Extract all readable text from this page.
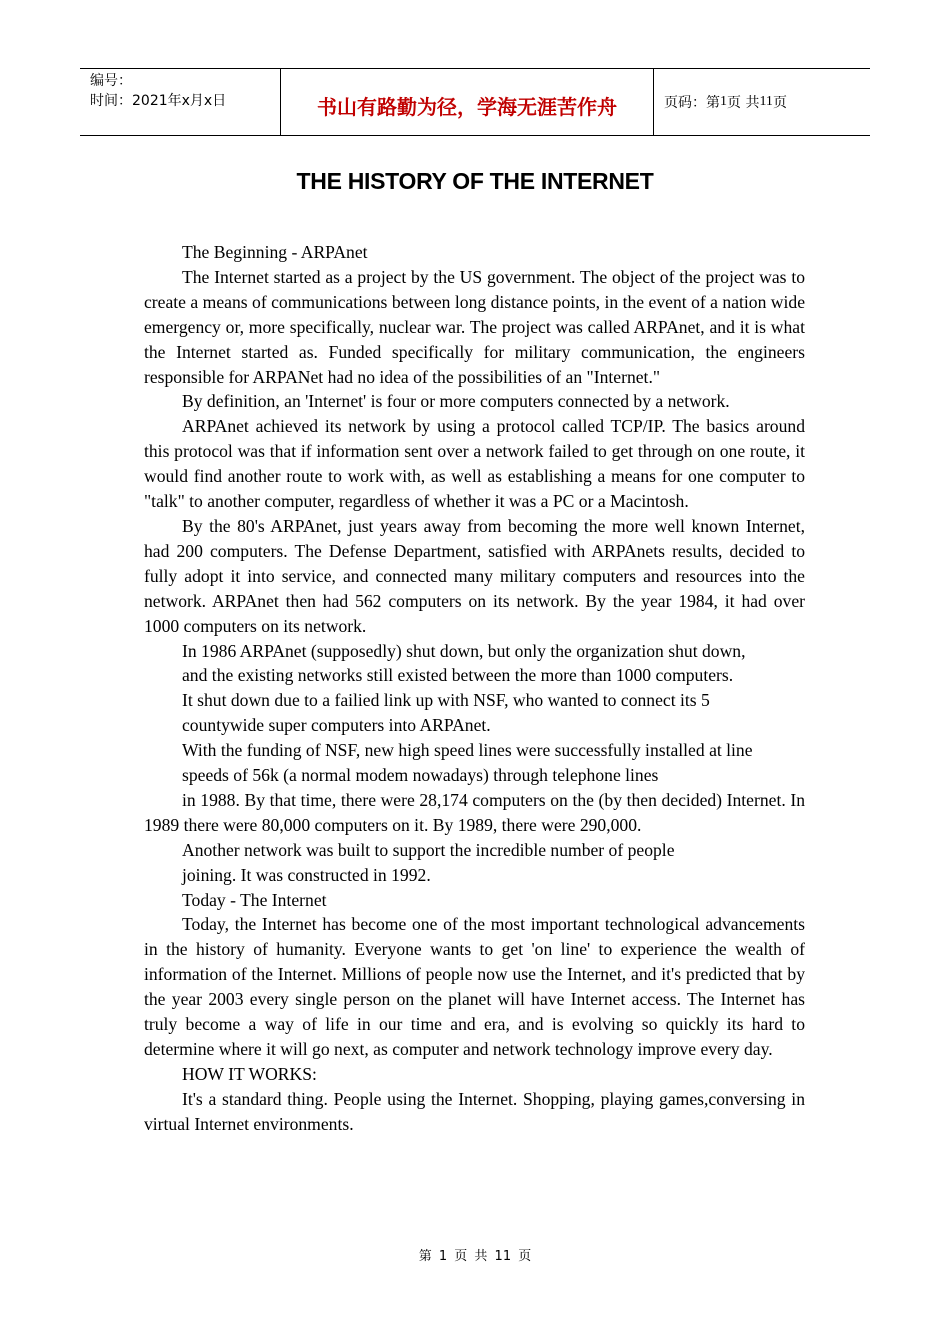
编号：
时间：2021年x月x日	书山有路勤为径，学海无涯苦作舟	页码：第 1 页 共 11 页
THE HISTORY OF THE INTERNET

The Beginning - ARPAnet

The Internet started as a project by the US government. The object of the project was to create a means of communications between long distance points, in the event of a nation wide emergency or, more specifically, nuclear war. The project was called ARPAnet, and it is what the Internet started as. Funded specifically for military communication, the engineers responsible for ARPANet had no idea of the possibilities of an "Internet."

By definition, an 'Internet' is four or more computers connected by a network.

ARPAnet achieved its network by using a protocol called TCP/IP. The basics around this protocol was that if information sent over a network failed to get through on one route, it would find another route to work with, as well as establishing a means for one computer to "talk" to another computer, regardless of whether it was a PC or a Macintosh.

By the 80's ARPAnet, just years away from becoming the more well known Internet, had 200 computers. The Defense Department, satisfied with ARPAnets results, decided to fully adopt it into service, and connected many military computers and resources into the network. ARPAnet then had 562 computers on its network. By the year 1984, it had over 1000 computers on its network.

In 1986 ARPAnet (supposedly) shut down, but only the organization shut down, and the existing networks still existed between the more than 1000 computers. It shut down due to a failied link up with NSF, who wanted to connect its 5 countywide super computers into ARPAnet.

With the funding of NSF, new high speed lines were successfully installed at line speeds of 56k (a normal modem nowadays) through telephone lines

in 1988. By that time, there were 28,174 computers on the (by then decided) Internet. In 1989 there were 80,000 computers on it. By 1989, there were 290,000.

Another network was built to support the incredible number of people joining. It was constructed in 1992.

Today - The Internet

Today, the Internet has become one of the most important technological advancements in the history of humanity. Everyone wants to get 'on line' to experience the wealth of information of the Internet. Millions of people now use the Internet, and it's predicted that by the year 2003 every single person on the planet will have Internet access. The Internet has truly become a way of life in our time and era, and is evolving so quickly its hard to determine where it will go next, as computer and network technology improve every day.

HOW IT WORKS:

It's a standard thing. People using the Internet. Shopping, playing games,conversing in virtual Internet environments.

第 1 页 共 11 页
